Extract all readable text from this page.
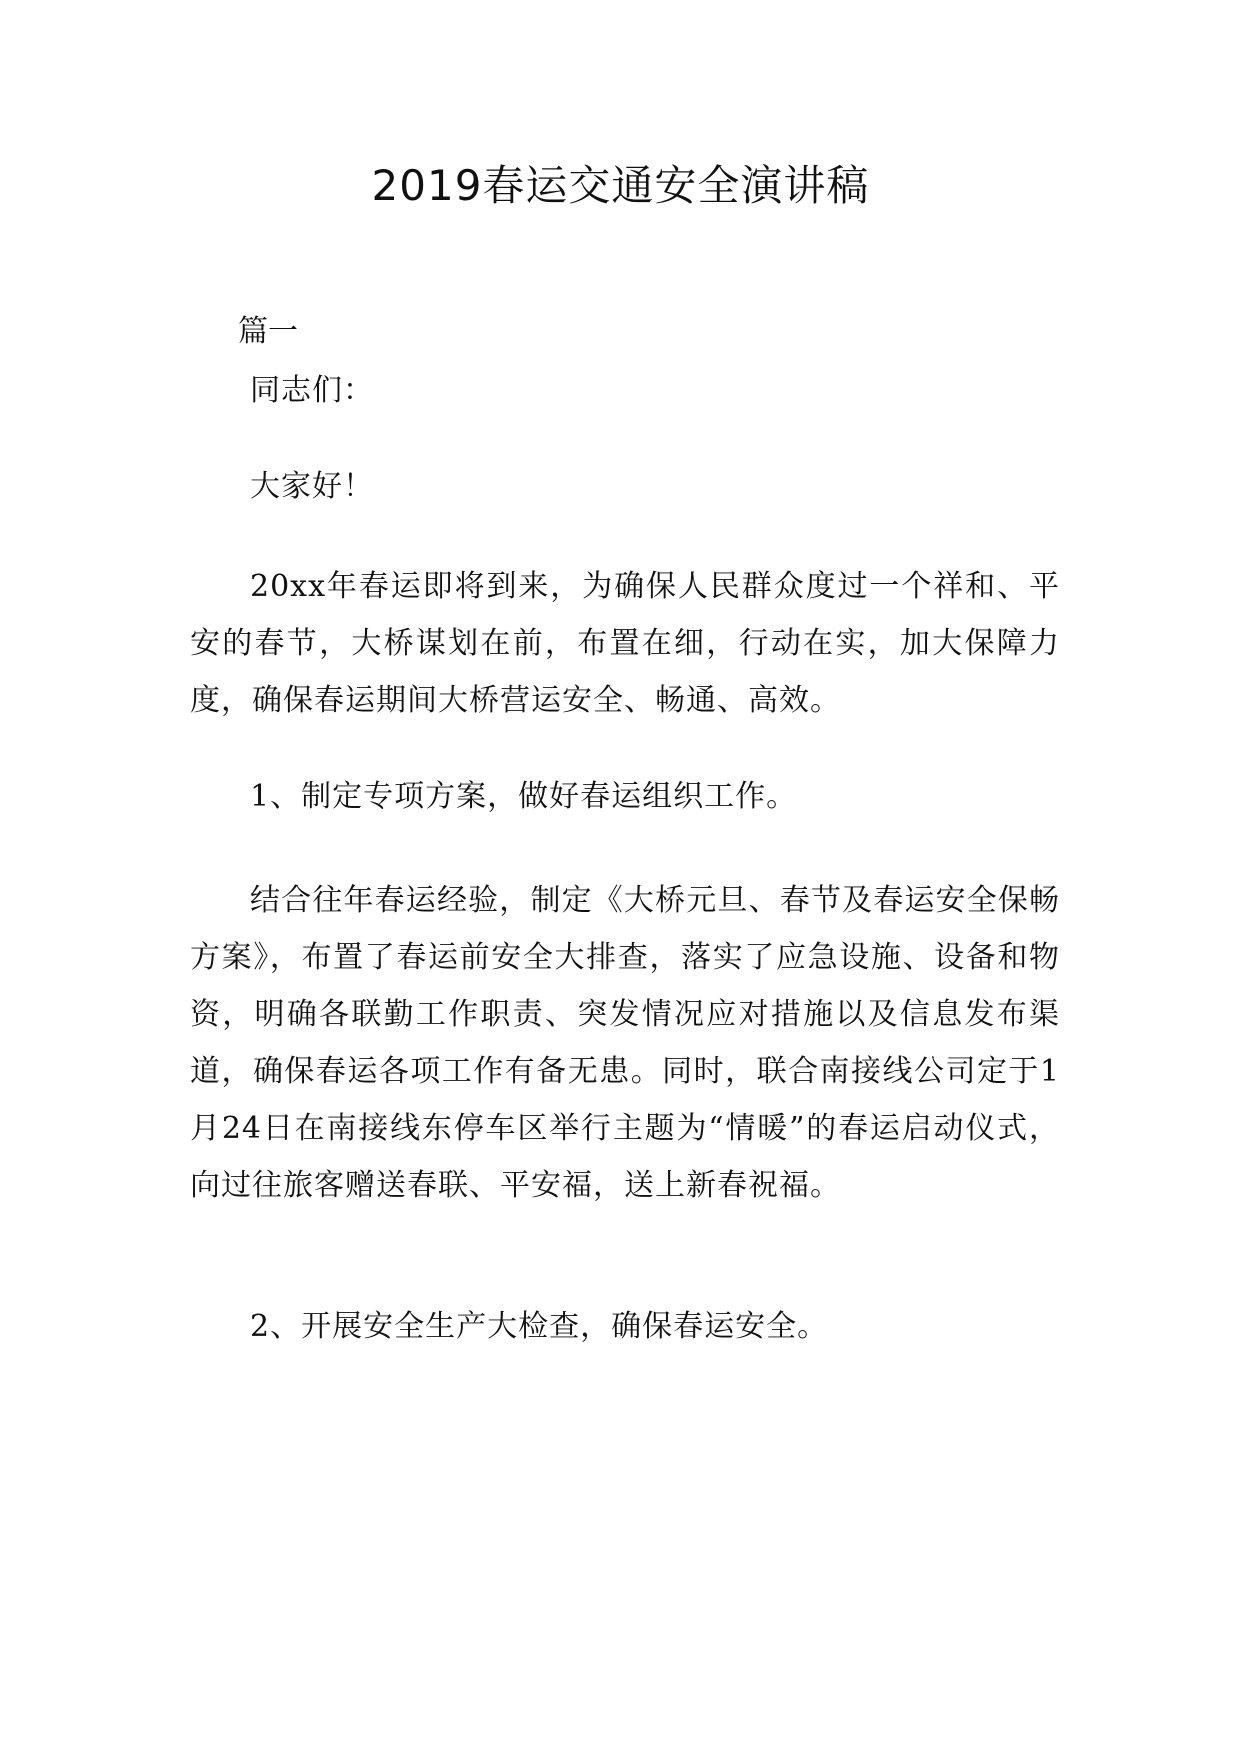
2019春运交通安全演讲稿
篇一

同志们：

大家好！

20xx年春运即将到来，为确保人民群众度过一个祥和、平安的春节，大桥谋划在前，布置在细，行动在实，加大保障力度，确保春运期间大桥营运安全、畅通、高效。

1、制定专项方案，做好春运组织工作。

结合往年春运经验，制定《大桥元旦、春节及春运安全保畅方案》，布置了春运前安全大排查，落实了应急设施、设备和物资，明确各联勤工作职责、突发情况应对措施以及信息发布渠道，确保春运各项工作有备无患。同时，联合南接线公司定于1月24日在南接线东停车区举行主题为“情暖”的春运启动仪式，向过往旅客赠送春联、平安福，送上新春祝福。

2、开展安全生产大检查，确保春运安全。
